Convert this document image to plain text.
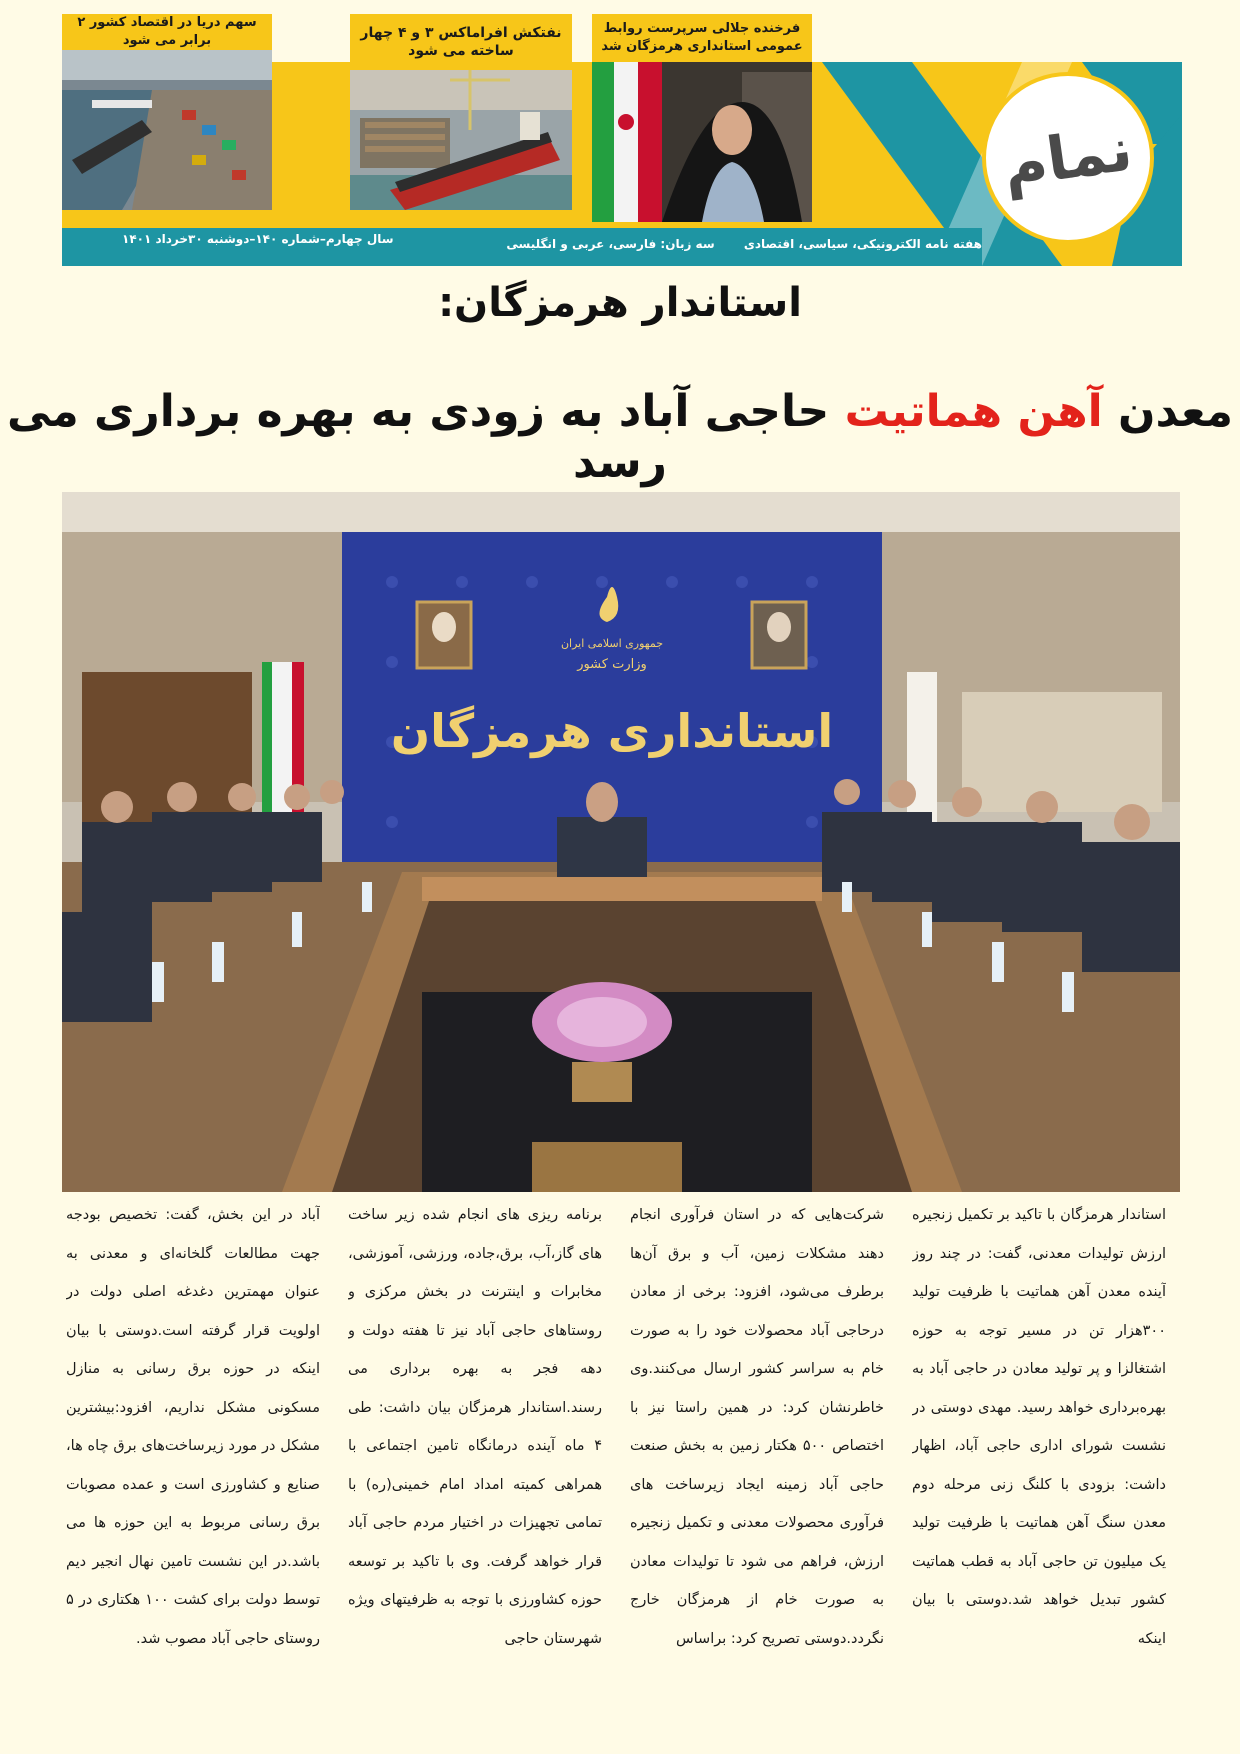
نمام
فرخنده جلالی سرپرست روابط عمومی استانداری هرمزگان شد
نفتکش افراماکس ۳ و ۴ چهار ساخته می شود
سهم دریا در اقتصاد کشور ۲ برابر می شود
هفته نامه الکترونیکی، سیاسی، اقتصادی       سه زبان: فارسی، عربی و انگلیسی
سال چهارم–شماره ۱۴۰–دوشنبه ۳۰خرداد ۱۴۰۱
استاندار هرمزگان:
معدن آهن هماتیت حاجی آباد به زودی به بهره برداری می رسد
جمهوری اسلامی ایران
وزارت کشور
استانداری هرمزگان
استاندار هرمزگان با تاکید بر تکمیل زنجیره ارزش تولیدات معدنی، گفت: در چند روز آینده معدن آهن هماتیت با ظرفیت تولید ۳۰۰هزار تن در مسیر توجه به حوزه اشتغالزا و پر تولید معادن در حاجی آباد به بهره‌برداری خواهد رسید. مهدی دوستی در نشست شورای اداری حاجی آباد، اظهار داشت: بزودی با کلنگ زنی مرحله دوم معدن سنگ آهن هماتیت با ظرفیت تولید یک میلیون تن حاجی آباد به قطب هماتیت کشور تبدیل خواهد شد.دوستی با بیان اینکه
شرکت‌هایی که در استان فرآوری انجام دهند مشکلات زمین، آب و برق آن‌ها برطرف می‌شود، افزود: برخی از معادن درحاجی آباد محصولات خود را به صورت خام به سراسر کشور ارسال می‌کنند.وی خاطرنشان کرد: در همین راستا نیز با اختصاص ۵۰۰ هکتار زمین به بخش صنعت حاجی آباد زمینه ایجاد زیرساخت های فرآوری محصولات معدنی و تکمیل زنجیره ارزش، فراهم می شود تا تولیدات معادن به صورت خام از هرمزگان خارج نگردد.دوستی تصریح کرد: براساس
برنامه ریزی های انجام شده زیر ساخت های گاز،آب، برق،جاده، ورزشی، آموزشی، مخابرات و اینترنت در بخش مرکزی و روستاهای حاجی آباد نیز تا هفته دولت و دهه فجر به بهره برداری می رسند.استاندار هرمزگان بیان داشت: طی ۴ ماه آینده درمانگاه تامین اجتماعی با همراهی کمیته امداد امام خمینی(ره) با تمامی تجهیزات در اختیار مردم حاجی آباد قرار خواهد گرفت. وی با تاکید بر توسعه حوزه کشاورزی با توجه به ظرفیتهای ویژه شهرستان حاجی
آباد در این بخش، گفت: تخصیص بودجه جهت مطالعات گلخانه‌ای و معدنی به عنوان مهمترین دغدغه اصلی دولت در اولویت قرار گرفته است.دوستی با بیان اینکه در حوزه برق رسانی به منازل مسکونی مشکل نداریم، افزود:بیشترین مشکل در مورد زیرساخت‌های برق چاه ها، صنایع و کشاورزی است و عمده مصوبات برق رسانی مربوط به این حوزه ها می باشد.در این نشست تامین نهال انجیر دیم توسط دولت برای کشت ۱۰۰ هکتاری در ۵ روستای حاجی آباد مصوب شد.
